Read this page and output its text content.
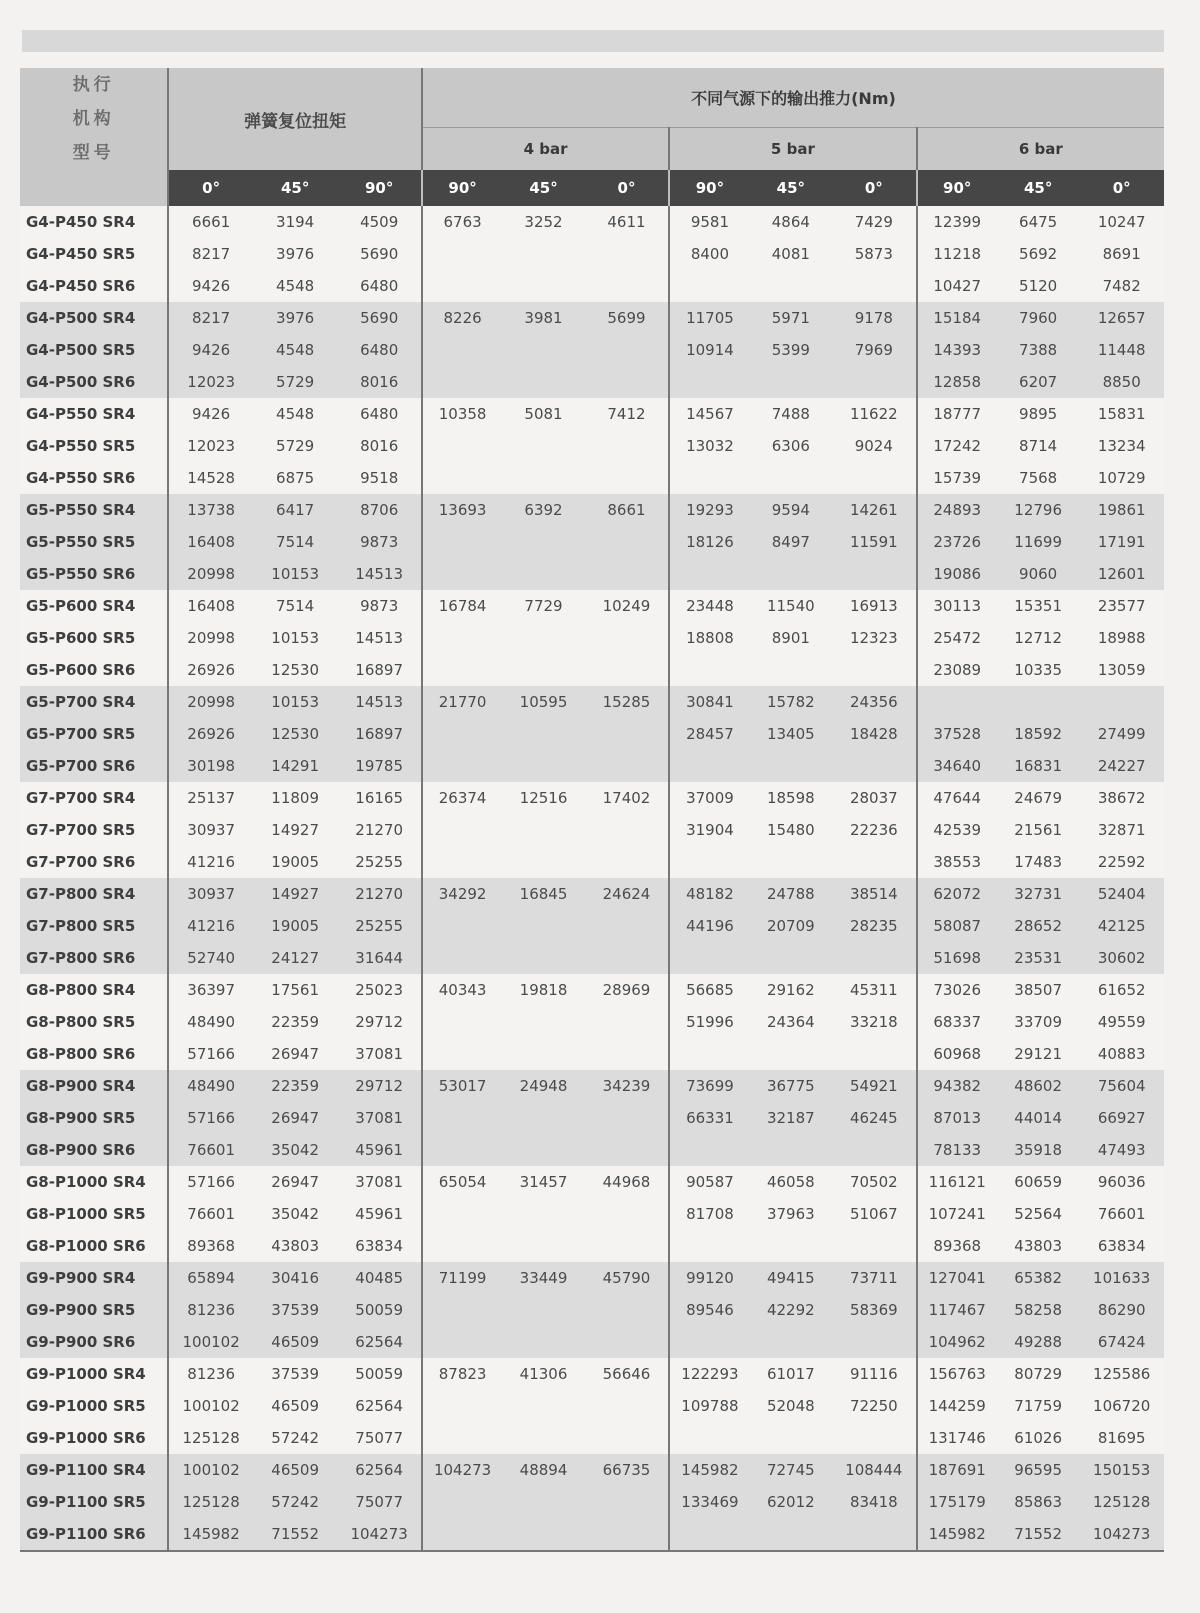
执行
机构
型号	弹簧复位扭矩			不同气源下的输出推力(Nm)								
				4 bar			5 bar			6 bar		
	0°	45°	90°	90°	45°	0°	90°	45°	0°	90°	45°	0°
G4-P450 SR4	6661	3194	4509	6763	3252	4611	9581	4864	7429	12399	6475	10247
G4-P450 SR5	8217	3976	5690				8400	4081	5873	11218	5692	8691
G4-P450 SR6	9426	4548	6480							10427	5120	7482
G4-P500 SR4	8217	3976	5690	8226	3981	5699	11705	5971	9178	15184	7960	12657
G4-P500 SR5	9426	4548	6480				10914	5399	7969	14393	7388	11448
G4-P500 SR6	12023	5729	8016							12858	6207	8850
G4-P550 SR4	9426	4548	6480	10358	5081	7412	14567	7488	11622	18777	9895	15831
G4-P550 SR5	12023	5729	8016				13032	6306	9024	17242	8714	13234
G4-P550 SR6	14528	6875	9518							15739	7568	10729
G5-P550 SR4	13738	6417	8706	13693	6392	8661	19293	9594	14261	24893	12796	19861
G5-P550 SR5	16408	7514	9873				18126	8497	11591	23726	11699	17191
G5-P550 SR6	20998	10153	14513							19086	9060	12601
G5-P600 SR4	16408	7514	9873	16784	7729	10249	23448	11540	16913	30113	15351	23577
G5-P600 SR5	20998	10153	14513				18808	8901	12323	25472	12712	18988
G5-P600 SR6	26926	12530	16897							23089	10335	13059
G5-P700 SR4	20998	10153	14513	21770	10595	15285	30841	15782	24356			
G5-P700 SR5	26926	12530	16897				28457	13405	18428	37528	18592	27499
G5-P700 SR6	30198	14291	19785							34640	16831	24227
G7-P700 SR4	25137	11809	16165	26374	12516	17402	37009	18598	28037	47644	24679	38672
G7-P700 SR5	30937	14927	21270				31904	15480	22236	42539	21561	32871
G7-P700 SR6	41216	19005	25255							38553	17483	22592
G7-P800 SR4	30937	14927	21270	34292	16845	24624	48182	24788	38514	62072	32731	52404
G7-P800 SR5	41216	19005	25255				44196	20709	28235	58087	28652	42125
G7-P800 SR6	52740	24127	31644							51698	23531	30602
G8-P800 SR4	36397	17561	25023	40343	19818	28969	56685	29162	45311	73026	38507	61652
G8-P800 SR5	48490	22359	29712				51996	24364	33218	68337	33709	49559
G8-P800 SR6	57166	26947	37081							60968	29121	40883
G8-P900 SR4	48490	22359	29712	53017	24948	34239	73699	36775	54921	94382	48602	75604
G8-P900 SR5	57166	26947	37081				66331	32187	46245	87013	44014	66927
G8-P900 SR6	76601	35042	45961							78133	35918	47493
G8-P1000 SR4	57166	26947	37081	65054	31457	44968	90587	46058	70502	116121	60659	96036
G8-P1000 SR5	76601	35042	45961				81708	37963	51067	107241	52564	76601
G8-P1000 SR6	89368	43803	63834							89368	43803	63834
G9-P900 SR4	65894	30416	40485	71199	33449	45790	99120	49415	73711	127041	65382	101633
G9-P900 SR5	81236	37539	50059				89546	42292	58369	117467	58258	86290
G9-P900 SR6	100102	46509	62564							104962	49288	67424
G9-P1000 SR4	81236	37539	50059	87823	41306	56646	122293	61017	91116	156763	80729	125586
G9-P1000 SR5	100102	46509	62564				109788	52048	72250	144259	71759	106720
G9-P1000 SR6	125128	57242	75077							131746	61026	81695
G9-P1100 SR4	100102	46509	62564	104273	48894	66735	145982	72745	108444	187691	96595	150153
G9-P1100 SR5	125128	57242	75077				133469	62012	83418	175179	85863	125128
G9-P1100 SR6	145982	71552	104273							145982	71552	104273
